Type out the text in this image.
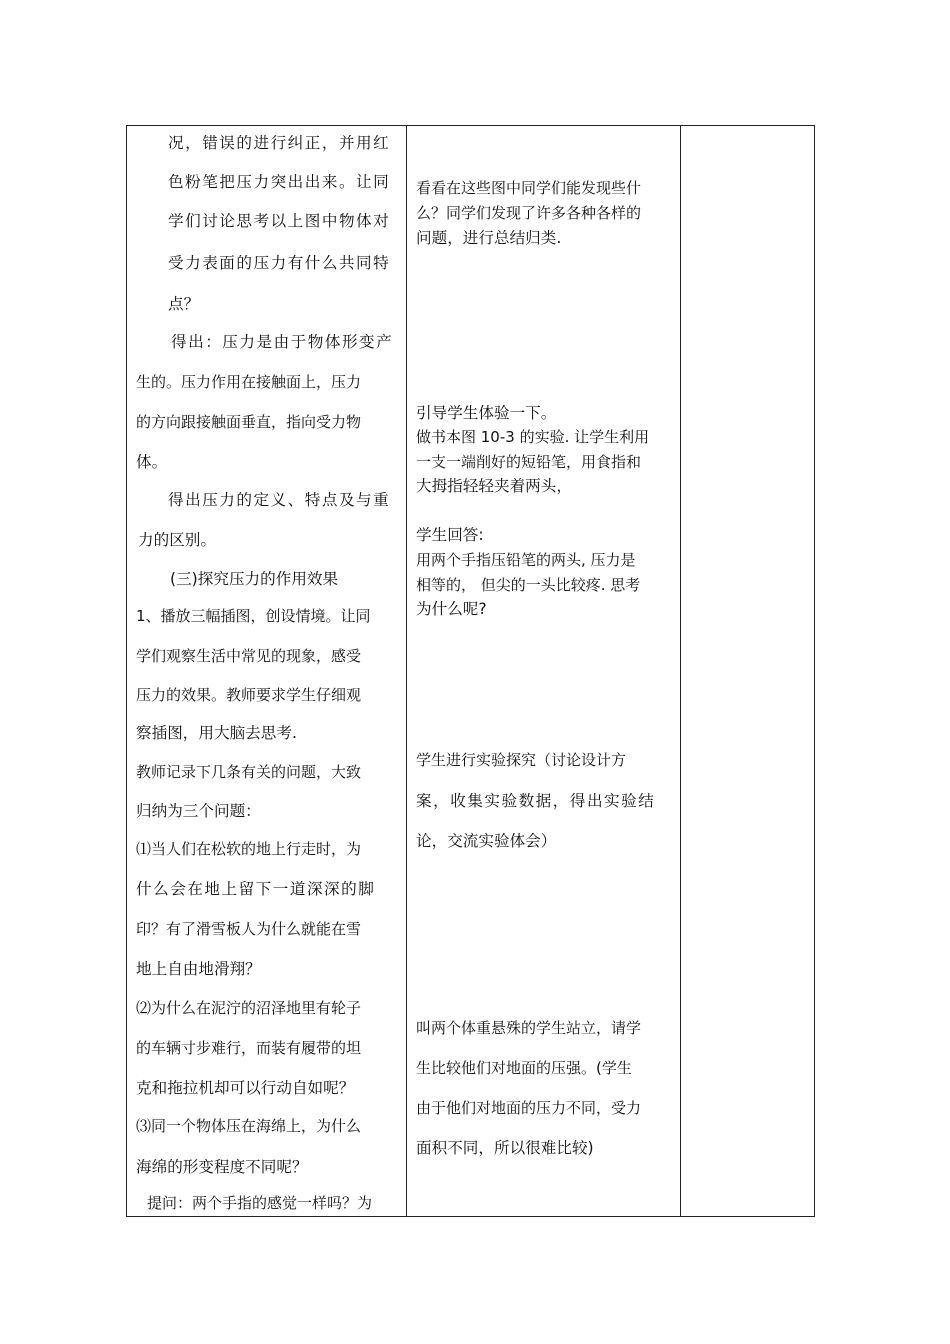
况，错误的进行纠正，并用红
色粉笔把压力突出出来。让同
学们讨论思考以上图中物体对
受力表面的压力有什么共同特
点？
得出：压力是由于物体形变产
生的。压力作用在接触面上，压力
的方向跟接触面垂直，指向受力物
体。
得出压力的定义、特点及与重
力的区别。
(三)探究压力的作用效果
1、播放三幅插图，创设情境。让同
学们观察生活中常见的现象，感受
压力的效果。教师要求学生仔细观
察插图，用大脑去思考.
教师记录下几条有关的问题，大致
归纳为三个问题：
⑴当人们在松软的地上行走时，为
什么会在地上留下一道深深的脚
印？有了滑雪板人为什么就能在雪
地上自由地滑翔？
⑵为什么在泥泞的沼泽地里有轮子
的车辆寸步难行，而装有履带的坦
克和拖拉机却可以行动自如呢？
⑶同一个物体压在海绵上，为什么
海绵的形变程度不同呢？
提问：两个手指的感觉一样吗？为
看看在这些图中同学们能发现些什
么？同学们发现了许多各种各样的
问题，进行总结归类.
引导学生体验一下。
做书本图 10-3 的实验. 让学生利用
一支一端削好的短铅笔，用食指和
大拇指轻轻夹着两头，
学生回答:
用两个手指压铅笔的两头, 压力是
相等的， 但尖的一头比较疼. 思考
为什么呢?
学生进行实验探究（讨论设计方
案，收集实验数据，得出实验结
论，交流实验体会）
叫两个体重悬殊的学生站立，请学
生比较他们对地面的压强。(学生
由于他们对地面的压力不同，受力
面积不同，所以很难比较)
